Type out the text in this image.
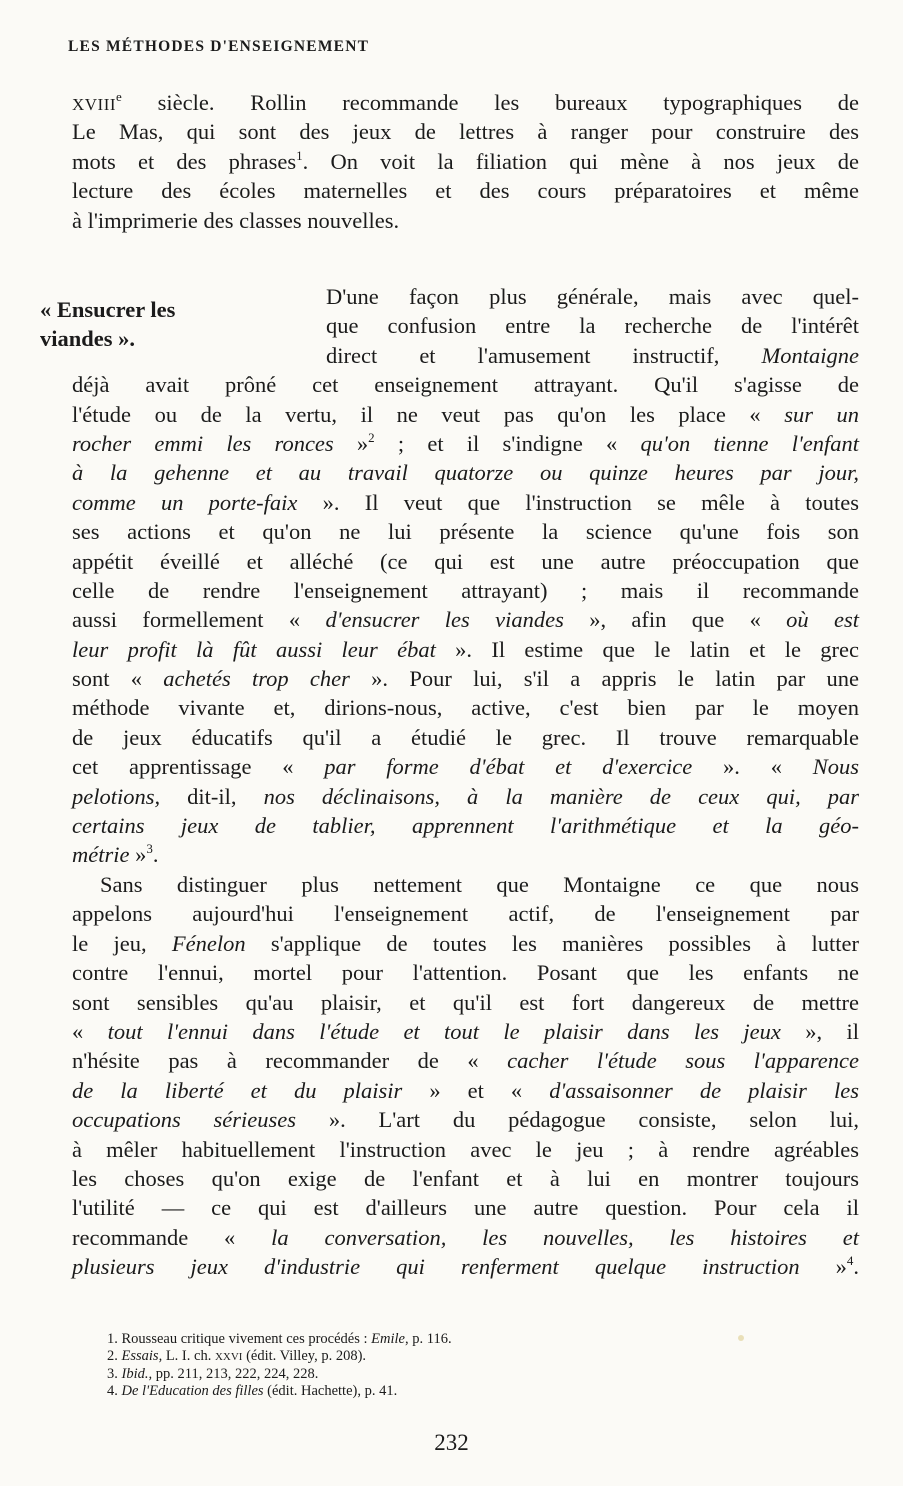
LES MÉTHODES D'ENSEIGNEMENT
XVIIIe siècle. Rollin recommande les bureaux typographiques de
Le Mas, qui sont des jeux de lettres à ranger pour construire des
mots et des phrases$^1$. On voit la filiation qui mène à nos jeux de
lecture des écoles maternelles et des cours préparatoires et même
à l'imprimerie des classes nouvelles.
« Ensucrer les
viandes ».
D'une façon plus générale, mais avec quel-
que confusion entre la recherche de l'intérêt
direct et l'amusement instructif, Montaigne
déjà avait prôné cet enseignement attrayant. Qu'il s'agisse de
l'étude ou de la vertu, il ne veut pas qu'on les place « sur un
rocher emmi les ronces »$^2$ ; et il s'indigne « qu'on tienne l'enfant
à la gehenne et au travail quatorze ou quinze heures par jour,
comme un porte-faix ». Il veut que l'instruction se mêle à toutes
ses actions et qu'on ne lui présente la science qu'une fois son
appétit éveillé et alléché (ce qui est une autre préoccupation que
celle de rendre l'enseignement attrayant) ; mais il recommande
aussi formellement « d'ensucrer les viandes », afin que « où est
leur profit là fût aussi leur ébat ». Il estime que le latin et le grec
sont « achetés trop cher ». Pour lui, s'il a appris le latin par une
méthode vivante et, dirions-nous, active, c'est bien par le moyen
de jeux éducatifs qu'il a étudié le grec. Il trouve remarquable
cet apprentissage « par forme d'ébat et d'exercice ». « Nous
pelotions, dit-il, nos déclinaisons, à la manière de ceux qui, par
certains jeux de tablier, apprennent l'arithmétique et la géo-
métrie »$^3$.
Sans distinguer plus nettement que Montaigne ce que nous
appelons aujourd'hui l'enseignement actif, de l'enseignement par
le jeu, Fénelon s'applique de toutes les manières possibles à lutter
contre l'ennui, mortel pour l'attention. Posant que les enfants ne
sont sensibles qu'au plaisir, et qu'il est fort dangereux de mettre
« tout l'ennui dans l'étude et tout le plaisir dans les jeux », il
n'hésite pas à recommander de « cacher l'étude sous l'apparence
de la liberté et du plaisir » et « d'assaisonner de plaisir les
occupations sérieuses ». L'art du pédagogue consiste, selon lui,
à mêler habituellement l'instruction avec le jeu ; à rendre agréables
les choses qu'on exige de l'enfant et à lui en montrer toujours
l'utilité — ce qui est d'ailleurs une autre question. Pour cela il
recommande « la conversation, les nouvelles, les histoires et
plusieurs jeux d'industrie qui renferment quelque instruction »$^4$.
1. Rousseau critique vivement ces procédés : Emile, p. 116.
2. Essais, L. I. ch. XXVI (édit. Villey, p. 208).
3. Ibid., pp. 211, 213, 222, 224, 228.
4. De l'Education des filles (édit. Hachette), p. 41.
232
